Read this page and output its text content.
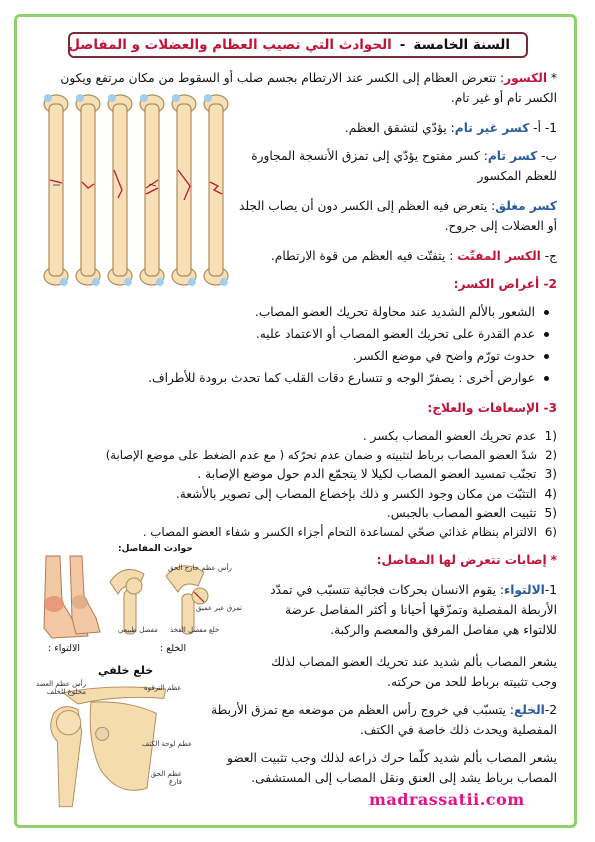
السنة الخامسة
-
الحوادث التي تصيب العظام والعضلات و المفاصل
* الكسور: تتعرض العظام إلى الكسر عند الارتطام بجسم صلب أو السقوط من مكان مرتفع ويكون
الكسر تام أو غير تام.
1- أ- كسر غير تام: يؤدّي لتشقق العظم.
ب- كسر تام: كسر مفتوح يؤدّي إلى تمزق الأنسجة المجاورة
للعظم المكسور
كسر مغلق: يتعرض فيه العظم إلى الكسر دون أن يصاب الجلد
أو العضلات إلى جروح.
ج- الكسر المفتّت : يتفتّت فيه العظم من قوة الارتطام.
2- أعراض الكسر:
الشعور بالألم الشديد عند محاولة تحريك العضو المصاب.
عدم القدرة على تحريك العضو المصاب أو الاعتماد عليه.
حدوث تورّم واضح في موضع الكسر.
عوارض أخرى : يصفرّ الوجه و تتسارع دقات القلب كما تحدث برودة للأطراف.
3- الإسعافات والعلاج:
(1عدم تحريك العضو المصاب بكسر .
(2شدّ العضو المصاب برباط لتثبيته و ضمان عدم تحرّكه ( مع عدم الضغط على موضع الإصابة)
(3تجنّب تمسيد العضو المصاب لكيلا لا يتجمّع الدم حول موضع الإصابة .
(4التثبّت من مكان وجود الكسر و ذلك بإخضاع المصاب إلى تصوير بالأشعة.
(5تثبيت العضو المصاب بالجبس.
(6الالتزام بنظام غذائي صحّي لمساعدة التحام أجزاء الكسر و شفاء العضو المصاب .
* إصابات تتعرض لها المفاصل:
1-الالتواء: يقوم الانسان بحركات فجائية تتسبّب في تمدّد
الأربطة المفصلية وتمزّقها أحيانا و أكثر المفاصل عرضة
للالتواء هي مفاصل المرفق والمعصم والركبة.
يشعر المصاب بألم شديد عند تحريك العضو المصاب لذلك
وجب تثبيته برباط للحد من حركته.
2-الخلع: يتسبّب في خروج رأس العظم من موضعه مع تمزق الأربطة
المفصلية ويحدث ذلك خاصة في الكتف.
يشعر المصاب بألم شديد كلّما حرك ذراعه لذلك وجب تثبيت العضو
المصاب برباط يشد إلى العنق ونقل المصاب إلى المستشفى.
حوادث المفاصل:
الالتواء :
رأس عظم خارج الحق
تمزق عبر عميق
مفصل طبيعي خلع مفصل الفخذ
الخلع :
خلع خلفي
رأس عظم العضد مخلوع للخلف	عظم الترقوة
عظم لوحة الكتف
عظم الحق فارغ
madrassatii.com
